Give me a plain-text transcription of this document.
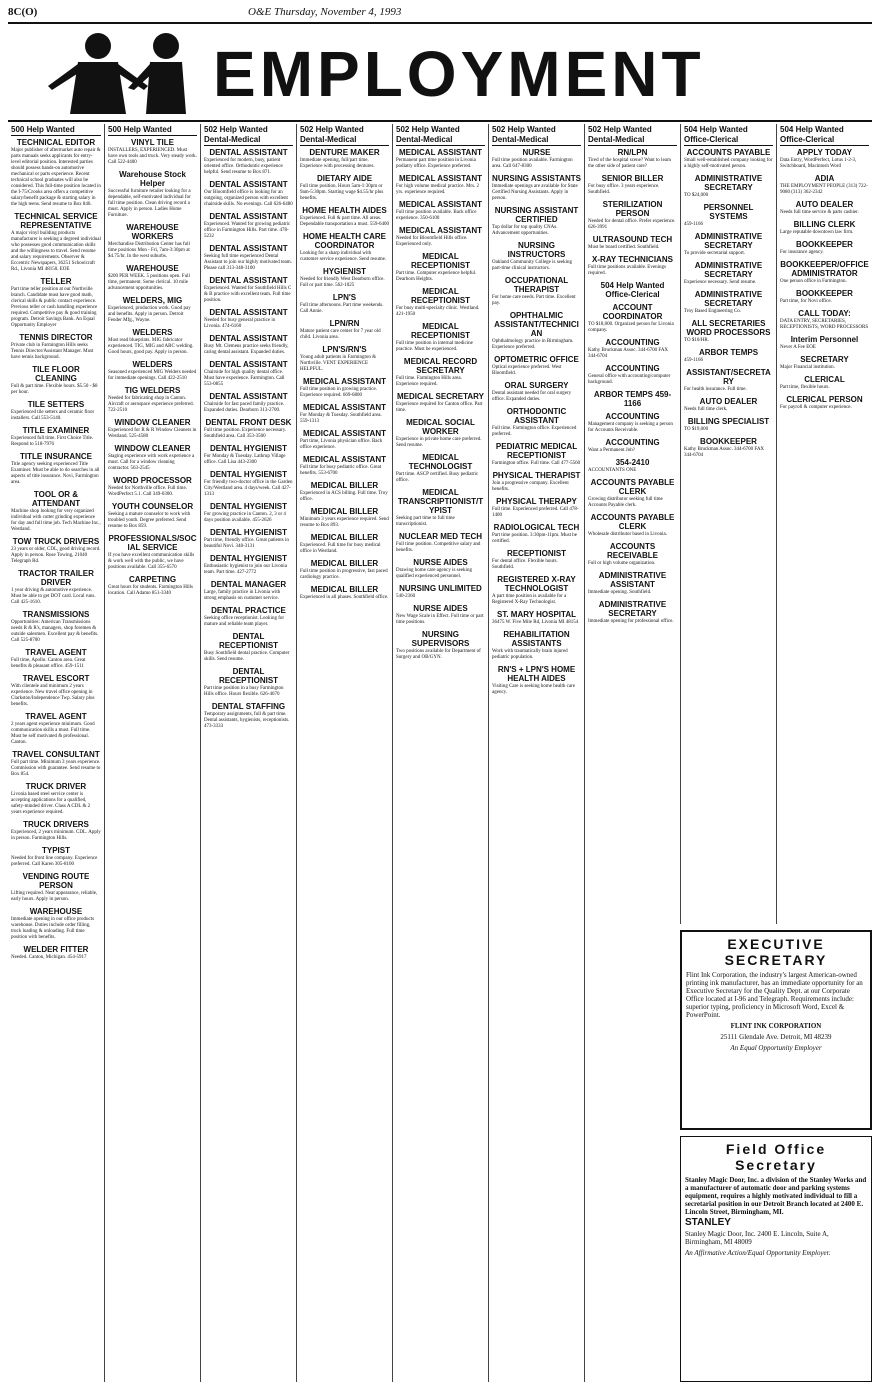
8C(O)	O&E Thursday, November 4, 1993
EMPLOYMENT
500 Help Wanted
TECHNICAL EDITOR
Major publisher of aftermarket auto repair & parts manuals seeks applicants for entry-level editorial position. Interested parties should possess hands-on automotive mechanical or parts experience. Recent technical school graduates will also be considered. This full-time position located in the I-75/Crooks area offers a competitive salary/benefit package & starting salary in the high teens. Send resume to Box 846.
TECHNICAL SERVICE REPRESENTATIVE
A major vinyl building products manufacturer is seeking a degreed individual who possesses good communication skills and the willingness to travel. Send resume and salary requirements. Observer & Eccentric Newspapers, 36251 Schoolcraft Rd., Livonia MI 48150. EOE
TELLER
Part time teller position at our Northville branch. Candidate must have good math, clerical skills & public contact experience. Previous teller or cash handling experience required. Competitive pay & good training program. Detroit Savings Bank. An Equal Opportunity Employer
TENNIS DIRECTOR
Private club in Farmington Hills seeks Tennis Director/Assistant Manager. Must have tennis background.
TILE FLOOR CLEANING
Full & part time. Flexible hours. $5.50 - $8 per hour.
TILE SETTERS
Experienced tile setters and ceramic floor installers. Call 553-5140.
TITLE EXAMINER
Experienced full time. First Choice Title. Respond to 518-7976
TITLE INSURANCE
Title agency seeking experienced Title Examiner. Must be able to do searches in all aspects of title insurance. Novi, Farmington area.
TOOL OR & ATTENDANT
Machine shop looking for very organized individual with cutter grinding experience for day and full time job. Tech Machine Inc., Westland.
TOW TRUCK DRIVERS
23 years or older, CDL, good driving record. Apply in person. Rose Towing, 21040 Telegraph Rd.
TRACTOR TRAILER DRIVER
1 year driving & automotive experience. Must be able to get DOT card. Local runs. Call 425-1610.
TRANSMISSIONS
Opportunities: American Transmissions needs R & R's, managers, shop foremen & outside salesmen. Excellent pay & benefits. Call 525-8700
TRAVEL AGENT
Full time, Apollo. Canton area. Great benefits & pleasant office. 459-1511
TRAVEL ESCORT
With clientele and minimum 2 years experience. New travel office opening in Clarkston/Independence Twp. Salary plus benefits.
TRAVEL AGENT
2 years agent experience minimum. Good communication skills a must. Full time. Must be self motivated & professional. Canton.
TRAVEL CONSULTANT
Full part time. Minimum 3 years experience. Commission with guarantee. Send resume to Box 854.
TRUCK DRIVER
Livonia based steel service center is accepting applications for a qualified, safety-minded driver. Class A CDL & 2 years experience required.
TRUCK DRIVERS
Experienced, 2 years minimum. CDL. Apply in person. Farmington Hills.
TYPIST
Needed for front line company. Experience preferred. Call Karen 305-8100
VENDING ROUTE PERSON
Lifting required. Neat appearance, reliable, early hours. Apply in person.
WAREHOUSE
Immediate opening in our office products warehouse. Duties include order filling, truck loading & unloading. Full time position with benefits.
WELDER FITTER
Needed. Canton, Michigan. 454-5917
500 Help Wanted
VINYL TILE
INSTALLERS, EXPERIENCED. Must have own tools and truck. Very steady work. Call 522-4400
Warehouse Stock Helper
Successful furniture retailer looking for a dependable, self-motivated individual for full time position. Clean driving record a must. Apply in person. Ladies Home Furniture.
WAREHOUSE WORKERS
Merchandise Distribution Center has full time positions Mon - Fri, 7am-3:30pm at $4.75/hr. In the west suburbs.
WAREHOUSE
$200 PER WEEK. 5 positions open. Full time, permanent. Some clerical. 10 mile advancement opportunities.
WELDERS, MIG
Experienced, production work. Good pay and benefits. Apply in person. Detroit Fender Mfg., Wayne.
WELDERS
Must read blueprints. MIG fabricator experienced. TIG, MIG and ARC welding. Good hours, good pay. Apply in person.
WELDERS
Seasoned experienced MIG Welders needed for immediate openings. Call 422-2510
TIG WELDERS
Needed for fabricating shop in Canton. Aircraft or aerospace experience preferred. 722-2510
WINDOW CLEANER
Experienced for R & R Window Cleaners in Westland. 525-4580
WINDOW CLEANER
Staging experience with work experience a must. Call for a window cleaning contractor. 563-2545
WORD PROCESSOR
Needed for Northville office. Full time. WordPerfect 5.1. Call 349-0300.
YOUTH COUNSELOR
Seeking a mature counselor to work with troubled youth. Degree preferred. Send resume to Box 859.
PROFESSIONALS/SOCIAL SERVICE
If you have excellent communication skills & work well with the public, we have positions available. Call 355-6570
CARPETING
Great hours for students. Farmington Hills location. Call Adamo 851-3340
502 Help Wanted Dental-Medical
DENTAL ASSISTANT
Experienced for modern, busy, patient oriented office. Orthodontic experience helpful. Send resume to Box 871.
DENTAL ASSISTANT
Our Bloomfield office is looking for an outgoing, organized person with excellent chairside skills. No evenings. Call 626-6480
DENTAL ASSISTANT
Experienced. Wanted for growing pediatric office in Farmington Hills. Part time. 478-5232
DENTAL ASSISTANT
Seeking full time experienced Dental Assistant to join our highly motivated team. Please call 313-348-3100
DENTAL ASSISTANT
Experienced. Wanted for Southfield Hills C & B practice with excellent team. Full time position.
DENTAL ASSISTANT
Needed for busy general practice in Livonia. 474-6160
DENTAL ASSISTANT
Busy Mt. Clemens practice seeks friendly, caring dental assistant. Expanded duties.
DENTAL ASSISTANT
Chairside for high quality dental office. Must have experience. Farmington. Call 553-0855
DENTAL ASSISTANT
Chairside for fast paced family practice. Expanded duties. Dearborn 313-2700.
DENTAL FRONT DESK
Full time position. Experience necessary. Southfield area. Call 353-3500
DENTAL HYGIENIST
For Monday & Tuesday. Lathrup Village office. Call Lisa 443-2300
DENTAL HYGIENIST
For friendly two-doctor office in the Garden City/Westland area. 4 days/week. Call 427-1313
DENTAL HYGIENIST
For growing practice in Canton. 2, 3 or 4 days position available. 455-2626
DENTAL HYGIENIST
Part time, friendly office. Great patients in beautiful Novi. 348-3131
DENTAL HYGIENIST
Enthusiastic hygienist to join our Livonia team. Part time. 427-2772
DENTAL MANAGER
Large, family practice in Livonia with strong emphasis on customer service.
DENTAL PRACTICE
Seeking office receptionist. Looking for mature and reliable team player.
DENTAL RECEPTIONIST
Busy Southfield dental practice. Computer skills. Send resume.
DENTAL RECEPTIONIST
Part time position in a busy Farmington Hills office. Hours flexible. 626-4670
DENTAL STAFFING
Temporary assignments, full & part time. Dental assistants, hygienists, receptionists. 473-3333
502 Help Wanted Dental-Medical
DENTURE MAKER
Immediate opening, full/part time. Experience with processing dentures.
DIETARY AIDE
Full time position. Hours 5am-1:30pm or 9am-5:30pm. Starting wage $4.55/hr plus benefits.
HOME HEALTH AIDES
Experienced. Full & part time. All areas. Dependable transportation a must. 559-6400
HOME HEALTH CARE COORDINATOR
Looking for a sharp individual with customer service experience. Send resume.
HYGIENIST
Needed for friendly West Dearborn office. Full or part time. 562-1025
LPN'S
Full time afternoons. Part time weekends. Call Annie.
LPN/RN
Mature patient care center for 7 year old child. Livonia area.
LPN'S/RN'S
Young adult patients in Farmington & Northville. VENT EXPERIENCE HELPFUL.
MEDICAL ASSISTANT
Full time position in growing practice. Experience required. 669-6800
MEDICAL ASSISTANT
For Monday & Tuesday. Southfield area. 559-1313
MEDICAL ASSISTANT
Part time, Livonia physician office. Back office experience.
MEDICAL ASSISTANT
Full time for busy pediatric office. Great benefits. 553-6700
MEDICAL BILLER
Experienced in ACS billing. Full time. Troy office.
MEDICAL BILLER
Minimum 3 years experience required. Send resume to Box 893.
MEDICAL BILLER
Experienced. Full time for busy medical office in Westland.
MEDICAL BILLER
Full time position in progressive, fast paced cardiology practice.
MEDICAL BILLER
Experienced in all phases. Southfield office.
502 Help Wanted Dental-Medical
MEDICAL ASSISTANT
Permanent part time position in Livonia podiatry office. Experience preferred.
MEDICAL ASSISTANT
For high volume medical practice. Mrs. 2 yrs. experience required.
MEDICAL ASSISTANT
Full time position available. Back office experience. 350-6100
MEDICAL ASSISTANT
Needed for Bloomfield Hills office. Experienced only.
MEDICAL RECEPTIONIST
Part time. Computer experience helpful. Dearborn Heights.
MEDICAL RECEPTIONIST
For busy multi-specialty clinic. Westland. 421-1950
MEDICAL RECEPTIONIST
Full time position in internal medicine practice. Must be experienced.
MEDICAL RECORD SECRETARY
Full time. Farmington Hills area. Experience required.
MEDICAL SECRETARY
Experience required for Canton office. Part time.
MEDICAL SOCIAL WORKER
Experience in private home care preferred. Send resume.
MEDICAL TECHNOLOGIST
Part time. ASCP certified. Busy pediatric office.
MEDICAL TRANSCRIPTIONIST/TYPIST
Seeking part time to full time transcriptionist.
NUCLEAR MED TECH
Full time position. Competitive salary and benefits.
NURSE AIDES
Drawing home care agency is seeking qualified experienced personnel.
NURSING UNLIMITED
540-2360
NURSE AIDES
New Wage Scale in Effect. Full time or part time positions.
NURSING SUPERVISORS
Two positions available for Department of Surgery and OB/GYN.
502 Help Wanted Dental-Medical
NURSE
Full time position available. Farmington area. Call 647-8300
NURSING ASSISTANTS
Immediate openings are available for State Certified Nursing Assistants. Apply in person.
NURSING ASSISTANT CERTIFIED
Top dollar for top quality CNAs. Advancement opportunities.
NURSING INSTRUCTORS
Oakland Community College is seeking part-time clinical instructors.
OCCUPATIONAL THERAPIST
For home care needs. Part time. Excellent pay.
OPHTHALMIC ASSISTANT/TECHNICIAN
Ophthalmology practice in Birmingham. Experience preferred.
OPTOMETRIC OFFICE
Optical experience preferred. West Bloomfield.
ORAL SURGERY
Dental assistant needed for oral surgery office. Expanded duties.
ORTHODONTIC ASSISTANT
Full time. Farmington office. Experienced preferred.
PEDIATRIC MEDICAL RECEPTIONIST
Farmington office. Full time. Call 477-5560
PHYSICAL THERAPIST
Join a progressive company. Excellent benefits.
PHYSICAL THERAPY
Full time. Experienced preferred. Call 478-1400
RADIOLOGICAL TECH
Part time position. 3:30pm-11pm. Must be certified.
RECEPTIONIST
For dental office. Flexible hours. Southfield.
REGISTERED X-RAY TECHNOLOGIST
A part time position is available for a Registered X-Ray Technologist.
ST. MARY HOSPITAL
36475 W. Five Mile Rd, Livonia MI 48154
REHABILITATION ASSISTANTS
Work with traumatically brain injured pediatric population.
RN'S + LPN'S HOME HEALTH AIDES
Visiting Care is seeking home health care agency.
502 Help Wanted Dental-Medical
RN/LPN
Tired of the hospital scene? Want to learn the other side of patient care?
SENIOR BILLER
For busy office. 3 years experience. Southfield.
STERILIZATION PERSON
Needed for dental office. Prefer experience. 626-3991
ULTRASOUND TECH
Must be board certified. Southfield.
X-RAY TECHNICIANS
Full time positions available. Evenings required.
504 Help Wanted Office-Clerical
ACCOUNT COORDINATOR
TO $18,000. Organized person for Livonia company.
ACCOUNTING
Kathy Bruckman Assoc. 344-6700 FAX 344-6704
ACCOUNTING
General office with accounting/computer background.
ARBOR TEMPS 459-1166
ACCOUNTING
Management company is seeking a person for Accounts Receivable.
ACCOUNTING
Want a Permanent Job?
354-2410
ACCOUNTANTS ONE
ACCOUNTS PAYABLE CLERK
Growing distributor seeking full time Accounts Payable clerk.
ACCOUNTS PAYABLE CLERK
Wholesale distributor based in Livonia.
ACCOUNTS RECEIVABLE
Full or high volume organization.
ADMINISTRATIVE ASSISTANT
Immediate opening. Southfield.
ADMINISTRATIVE SECRETARY
Immediate opening for professional office.
504 Help Wanted Office-Clerical
ACCOUNTS PAYABLE
Small well-established company looking for a highly self-motivated person.
ADMINISTRATIVE SECRETARY
TO $24,000
PERSONNEL SYSTEMS
459-1166
ADMINISTRATIVE SECRETARY
To provide secretarial support.
ADMINISTRATIVE SECRETARY
Experience necessary. Send resume.
ADMINISTRATIVE SECRETARY
Troy Based Engineering Co.
ALL SECRETARIES WORD PROCESSORS
TO $10/HR.
ARBOR TEMPS
459-1166
ASSISTANT/SECRETARY
For health insurance. Full time.
AUTO DEALER
Needs full time clerk.
BILLING SPECIALIST
TO $19,000
BOOKKEEPER
Kathy Bruckman Assoc. 344-6700 FAX 344-6704
504 Help Wanted Office-Clerical
APPLY TODAY
Data Entry, WordPerfect, Lotus 1-2-3, Switchboard, Macintosh Word
ADIA
THE EMPLOYMENT PEOPLE (313) 722-9080 (313) 362-2342
AUTO DEALER
Needs full time service & parts cashier.
BILLING CLERK
Large reputable downtown law firm.
BOOKKEEPER
For insurance agency.
BOOKKEEPER/OFFICE ADMINISTRATOR
One person office in Farmington.
BOOKKEEPER
Part time, for Novi office.
CALL TODAY:
DATA ENTRY, SECRETARIES, RECEPTIONISTS, WORD PROCESSORS
Interim Personnel
Never A Fee EOE
SECRETARY
Major Financial institution.
CLERICAL
Part time, flexible hours.
CLERICAL PERSON
For payroll & computer experience.
EXECUTIVE SECRETARY
Flint Ink Corporation, the industry's largest American-owned printing ink manufacturer, has an immediate opportunity for an Executive Secretary for the Quality Dept. at our Corporate Office located at I-96 and Telegraph. Requirements include: superior typing, proficiency in Microsoft Word, Excel & PowerPoint.
FLINT INK CORPORATION
25111 Glendale Ave. Detroit, MI 48239
An Equal Opportunity Employer
Field Office Secretary
Stanley Magic Door, Inc. a division of the Stanley Works and a manufacturer of automatic door and parking systems equipment, requires a highly motivated individual to fill a secretarial position in our Detroit Branch located at 2400 E. Lincoln Street, Birmingham, MI.
STANLEY
Stanley Magic Door, Inc. 2400 E. Lincoln, Suite A, Birmingham, MI 48009
An Affirmative Action/Equal Opportunity Employer.
